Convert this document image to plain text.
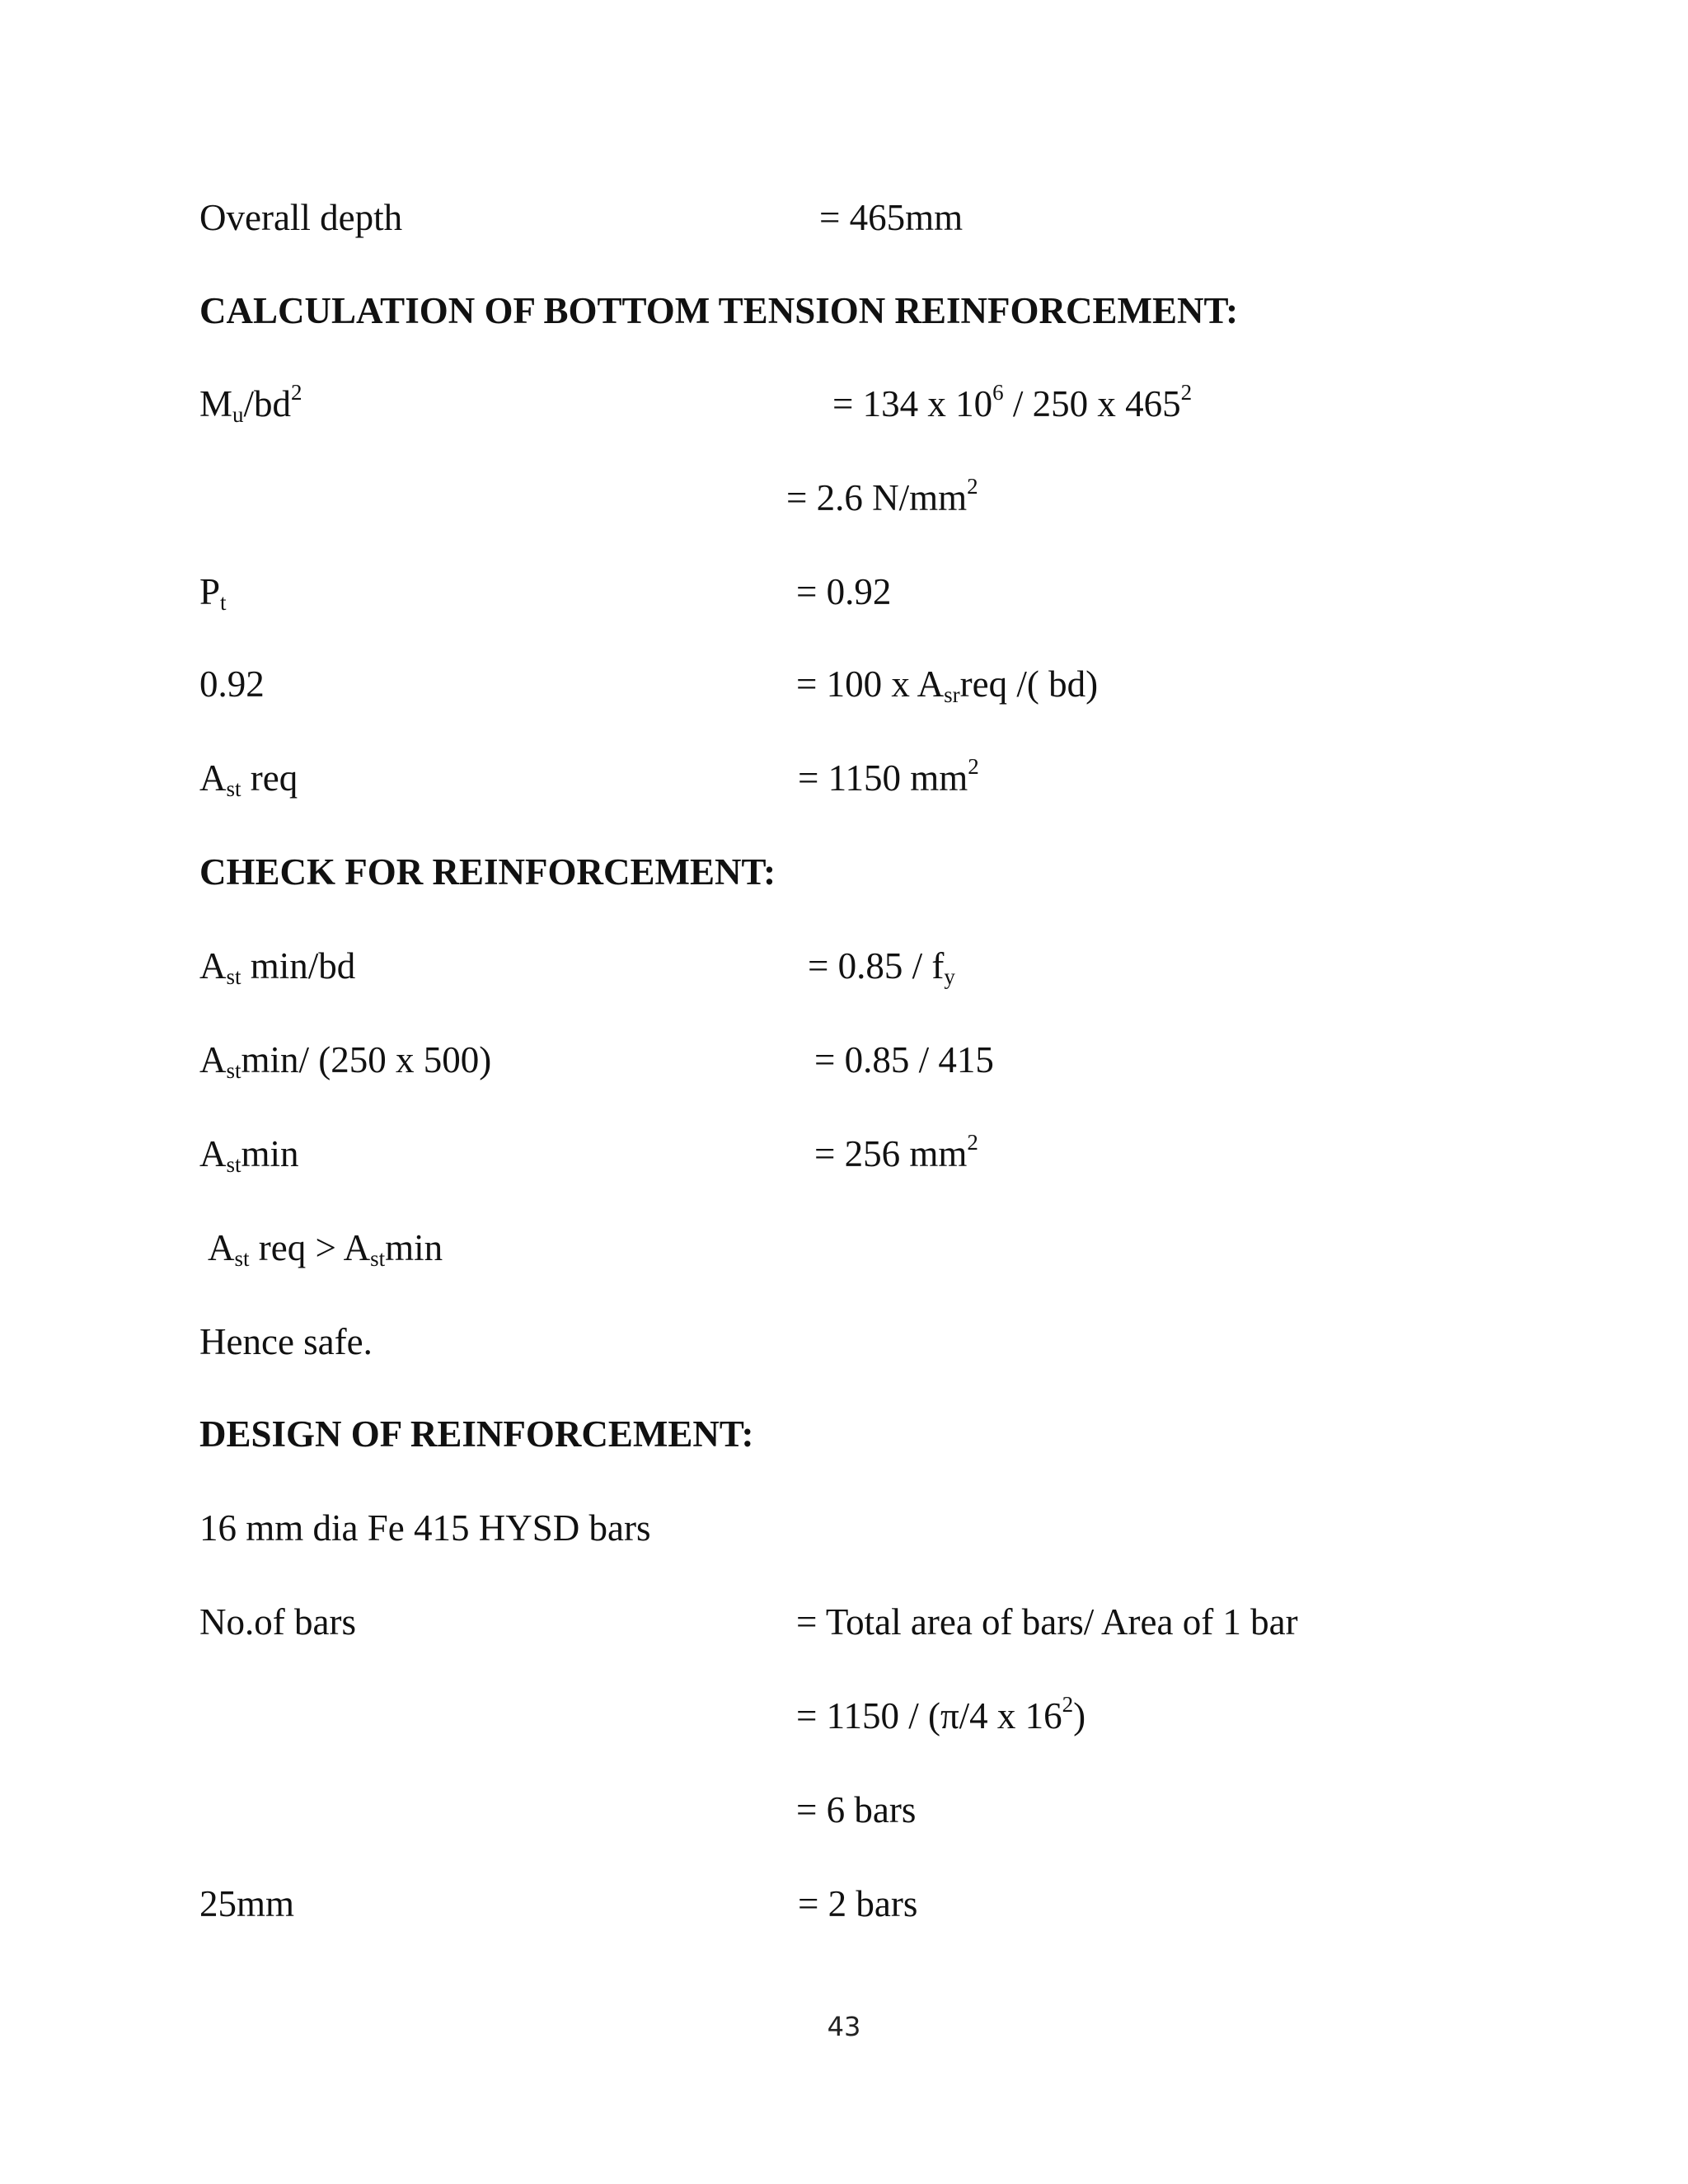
Overall depth	= 465mm
CALCULATION OF BOTTOM TENSION REINFORCEMENT:
$M_u/bd^2$	= 134 x $10^6 / 250$ x $465^2$
= 2.6 $N/mm^2$
$P_t$	= 0.92
0.92	= 100 x $A_{sr}req$ /( bd)
$A_{st}$ req	= 1150 $mm^2$
CHECK FOR REINFORCEMENT:
$A_{st}$ min/bd	= $0.85 / f_y$
$A_{st}\min/$ (250 x 500)	= 0.85 / 415
$A_{st}\min$	= 256 $mm^2$
$A_{st}$ req > $A_{st}\min$
Hence safe.
DESIGN OF REINFORCEMENT:
16 mm dia Fe 415 HYSD bars
No.of bars	= Total area of bars/ Area of 1 bar
= 1150 / (π/4 x $16^2$)
= 6 bars
25mm	= 2 bars
43
